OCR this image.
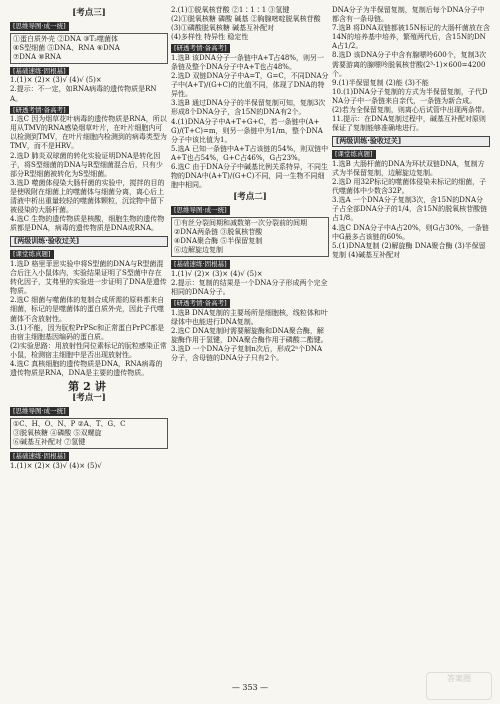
[考点三]
[思维导图·成一统]

①蛋白质外壳 ②DNA ③T₂噬菌体

④S型细菌 ⑤DNA、RNA ⑥DNA

⑦DNA ⑧RNA

[基础速练·固根基]

1.(1)× (2)× (3)√ (4)√ (5)×

2.提示：不一定，如RNA病毒的遗传物质是RNA。

[研透考情·备高考]

1.选C 因为烟草花叶病毒的遗传物质是RNA，所以用从TMV的RNA感染烟草叶片，在叶片细胞内可以检测到TMV，在叶片细胞内检测到的病毒类型为TMV，而不是HRV。

2.选D 肺炎双球菌的转化实验证明DNA是转化因子，将S型细菌的DNA与R型细菌混合后，只有少部分R型细菌被转化为S型细菌。

3.选D 噬菌体侵染大肠杆菌的实验中，搅拌的目的是使吸附在细菌上的噬菌体与细菌分离，离心后上清液中析出重量较轻的噬菌体颗粒，沉淀物中留下被侵染的大肠杆菌。

4.选C 生物的遗传物质是核酸，细胞生物的遗传物质都是DNA，病毒的遗传物质是DNA或RNA。

[两级训练·验收过关]
[课堂练真题]

1.选D 格里菲思实验中将S型菌的DNA与R型菌混合后注入小鼠体内，实验结果证明了S型菌中存在转化因子，艾弗里的实验进一步证明了DNA是遗传物质。

2.选C 细菌与噬菌体的复制合成所需的原料都来自细菌，标记的是噬菌体的蛋白质外壳，因此子代噬菌体不含放射性。

3.(1)不能，因为朊粒PrPSc和正常蛋白PrPC都是由宿主细胞基因编码的蛋白质。

(2)实验思路：用放射性同位素标记的朊粒感染正常小鼠，检测宿主细胞中是否出现放射性。

4.选C 真核细胞的遗传物质是DNA，RNA病毒的遗传物质是RNA，DNA是主要的遗传物质。

第2讲
[考点一]
[思维导图·成一统]

①C、H、O、N、P ②A、T、G、C

③脱氧核糖 ④磷酸 ⑤双螺旋

⑥碱基互补配对 ⑦氢键

[基础速练·固根基]

1.(1)× (2)× (3)√ (4)× (5)√

2.(1)①脱氧核苷酸 ②1∶1∶1 ③氢键

(2)①脱氧核糖 磷酸 碱基 ②胸腺嘧啶脱氧核苷酸

(3)①磷酸脱氧核糖 碱基互补配对

(4)多样性 特异性 稳定性

[研透考情·备高考]

1.选B 该DNA分子一条链中A+T占48%，则另一条链及整个DNA分子中A+T也占48%。

2.选D 双链DNA分子中A=T，G=C，不同DNA分子中(A+T)/(G+C)的比值不同，体现了DNA的特异性。

3.选B 通过DNA分子的半保留复制可知，复制3次形成8个DNA分子，含15N的DNA有2个。

4.(1)DNA分子中A+T+G+C，若一条链中(A+G)/(T+C)=m，则另一条链中为1/m，整个DNA分子中该比值为1。

5.选A 已知一条链中A+T占该链的54%，则双链中A+T也占54%，G+C占46%，G占23%。

6.选C 由于DNA分子中碱基比例关系特异，不同生物的DNA中(A+T)/(G+C)不同，同一生物不同细胞中相同。

[考点二]
[思维导图·成一统]

①有丝分裂间期和减数第一次分裂前的间期

②DNA两条链 ③脱氧核苷酸

④DNA聚合酶 ⑤半保留复制

⑥边解旋边复制

[基础速练·固根基]

1.(1)√ (2)× (3)× (4)√ (5)×

2.提示：复制的结果是一个DNA分子形成两个完全相同的DNA分子。

[研透考情·备高考]

1.选B DNA复制的主要场所是细胞核，线粒体和叶绿体中也能进行DNA复制。

2.选C DNA复制时需要解旋酶和DNA聚合酶，解旋酶作用于氢键，DNA聚合酶作用于磷酸二酯键。

3.选D 一个DNA分子复制n次后，形成2ⁿ个DNA分子，含母链的DNA分子只有2个。

DNA分子为半保留复制，复制后每个DNA分子中都含有一条母链。

7.选B 将DNA双链都被15N标记的大肠杆菌放在含14N的培养基中培养，繁殖两代后，含15N的DNA占1/2。

8.选D 该DNA分子中含有腺嘌呤600个，复制3次需要游离的腺嘌呤脱氧核苷酸(2³-1)×600=4200个。

9.(1)半保留复制 (2)能 (3)不能

10.(1)DNA分子复制的方式为半保留复制，子代DNA分子中一条链来自亲代，一条链为新合成。

(2)若为全保留复制，则离心后试管中出现两条带。

11.提示：在DNA复制过程中，碱基互补配对原则保证了复制能够准确地进行。

[两级训练·验收过关]
[课堂练真题]

1.选B 大肠杆菌的DNA为环状双链DNA，复制方式为半保留复制，边解旋边复制。

2.选D 用32P标记的噬菌体侵染未标记的细菌，子代噬菌体中少数含32P。

3.选A 一个DNA分子复制3次，含15N的DNA分子占全部DNA分子的1/4，含15N的脱氧核苷酸链占1/8。

4.选C DNA分子中A占20%，则G占30%，一条链中G最多占该链的60%。

5.(1)DNA复制 (2)解旋酶 DNA聚合酶 (3)半保留复制 (4)碱基互补配对

— 353 —
答案圈
